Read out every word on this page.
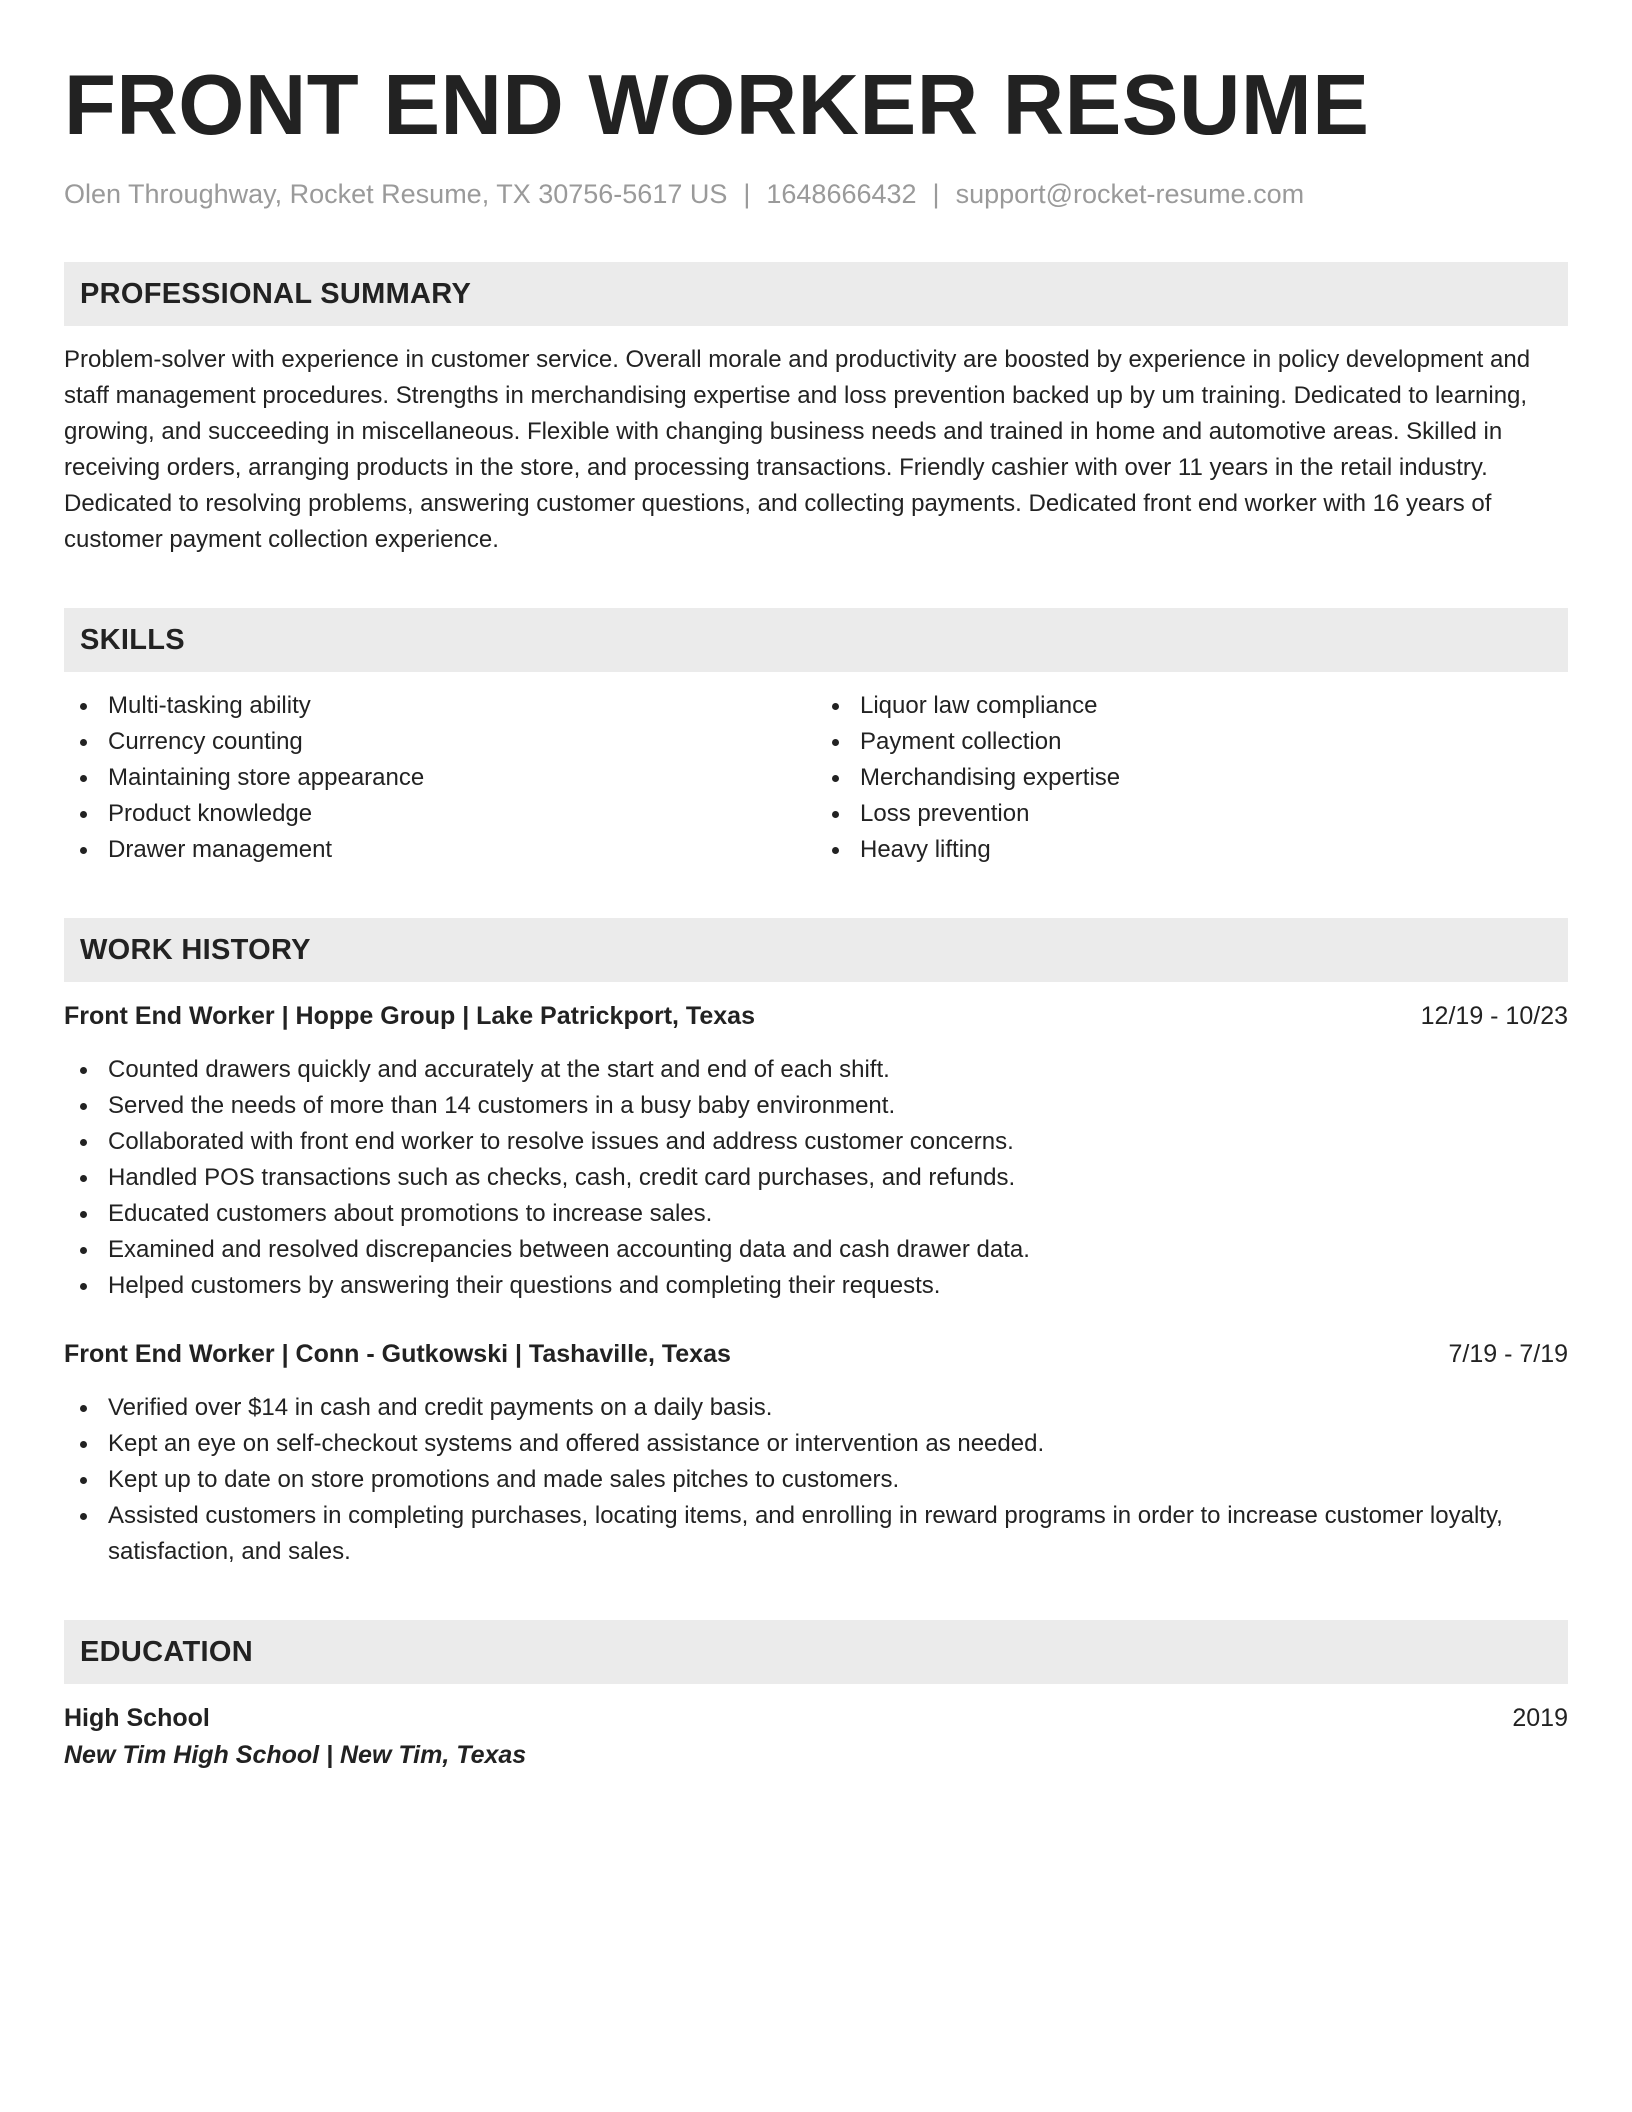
FRONT END WORKER RESUME
Olen Throughway, Rocket Resume, TX 30756-5617 US | 1648666432 | support@rocket-resume.com
PROFESSIONAL SUMMARY

Problem-solver with experience in customer service. Overall morale and productivity are boosted by experience in policy development and staff management procedures. Strengths in merchandising expertise and loss prevention backed up by um training. Dedicated to learning, growing, and succeeding in miscellaneous. Flexible with changing business needs and trained in home and automotive areas. Skilled in receiving orders, arranging products in the store, and processing transactions. Friendly cashier with over 11 years in the retail industry. Dedicated to resolving problems, answering customer questions, and collecting payments. Dedicated front end worker with 16 years of customer payment collection experience.

SKILLS
Multi-tasking ability
Currency counting
Maintaining store appearance
Product knowledge
Drawer management
Liquor law compliance
Payment collection
Merchandising expertise
Loss prevention
Heavy lifting
WORK HISTORY
Front End Worker | Hoppe Group | Lake Patrickport, Texas	12/19 - 10/23
Counted drawers quickly and accurately at the start and end of each shift.
Served the needs of more than 14 customers in a busy baby environment.
Collaborated with front end worker to resolve issues and address customer concerns.
Handled POS transactions such as checks, cash, credit card purchases, and refunds.
Educated customers about promotions to increase sales.
Examined and resolved discrepancies between accounting data and cash drawer data.
Helped customers by answering their questions and completing their requests.
Front End Worker | Conn - Gutkowski | Tashaville, Texas	7/19 - 7/19
Verified over $14 in cash and credit payments on a daily basis.
Kept an eye on self-checkout systems and offered assistance or intervention as needed.
Kept up to date on store promotions and made sales pitches to customers.
Assisted customers in completing purchases, locating items, and enrolling in reward programs in order to increase customer loyalty, satisfaction, and sales.
EDUCATION
High School	2019
New Tim High School | New Tim, Texas
